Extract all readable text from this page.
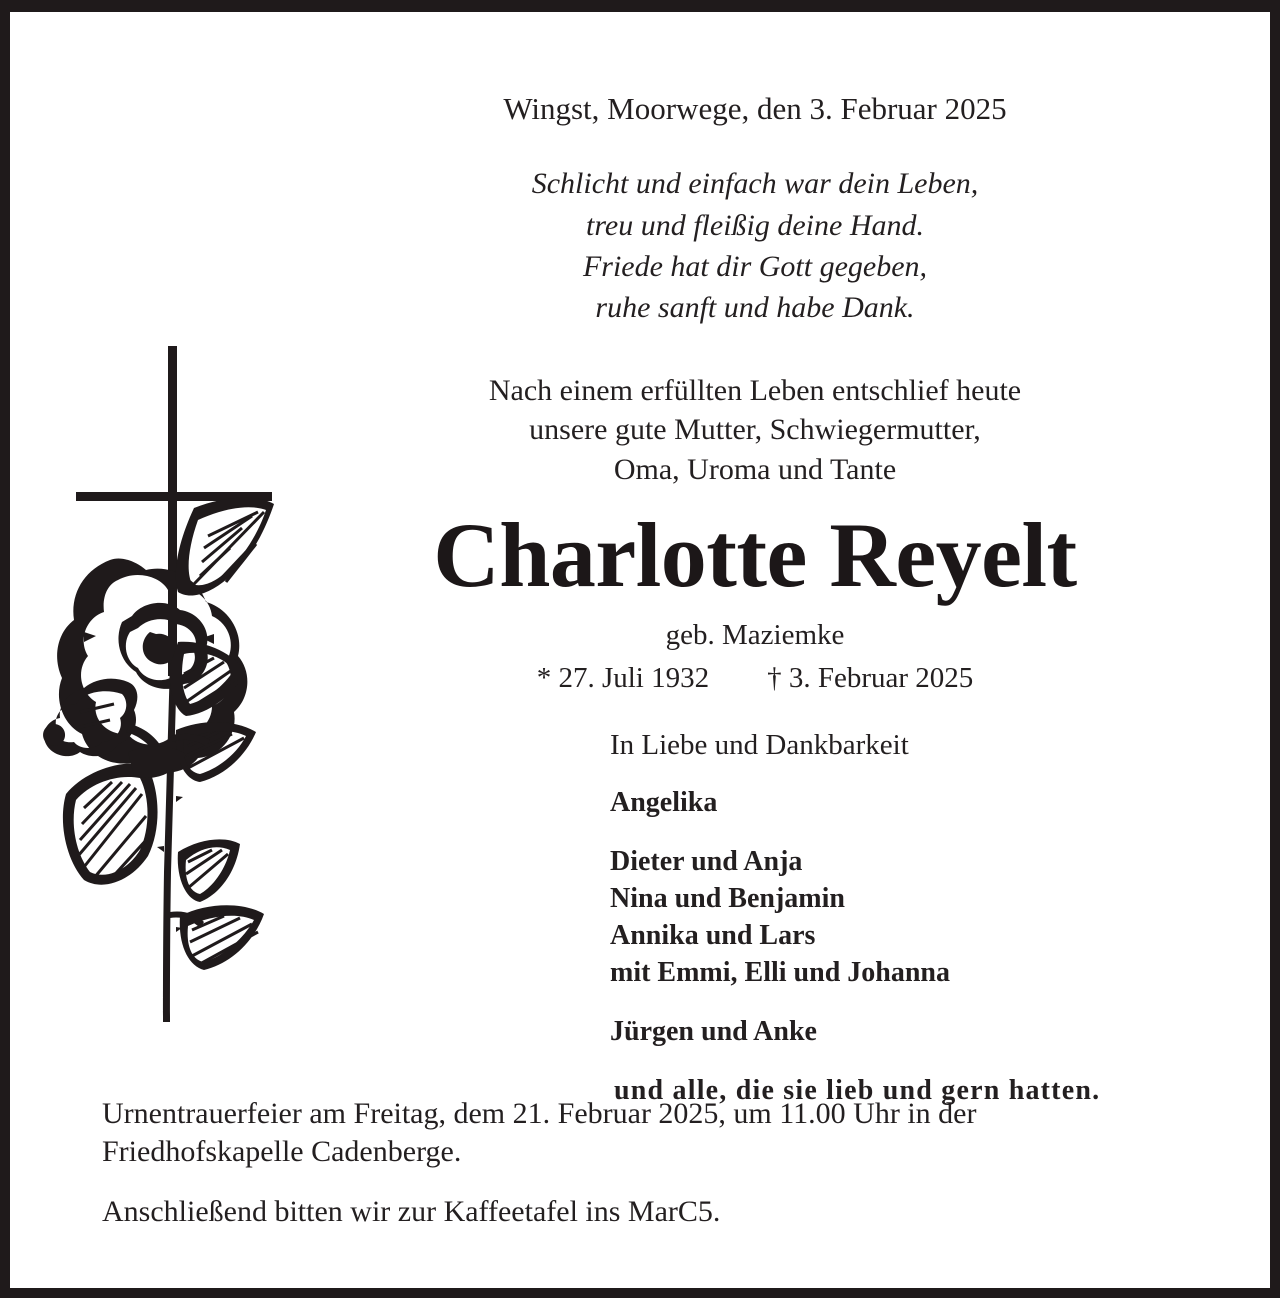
Wingst, Moorwege, den 3. Februar 2025
Schlicht und einfach war dein Leben,
treu und fleißig deine Hand.
Friede hat dir Gott gegeben,
ruhe sanft und habe Dank.
Nach einem erfüllten Leben entschlief heute
unsere gute Mutter, Schwiegermutter,
Oma, Uroma und Tante
Charlotte Reyelt
geb. Maziemke
* 27. Juli 1932        † 3. Februar 2025
In Liebe und Dankbarkeit
Angelika
Dieter und Anja
Nina und Benjamin
Annika und Lars
mit Emmi, Elli und Johanna
Jürgen und Anke
und alle, die sie lieb und gern hatten.
Urnentrauerfeier am Freitag, dem 21. Februar 2025, um 11.00 Uhr in der
Friedhofskapelle Cadenberge.
Anschließend bitten wir zur Kaffeetafel ins MarC5.
